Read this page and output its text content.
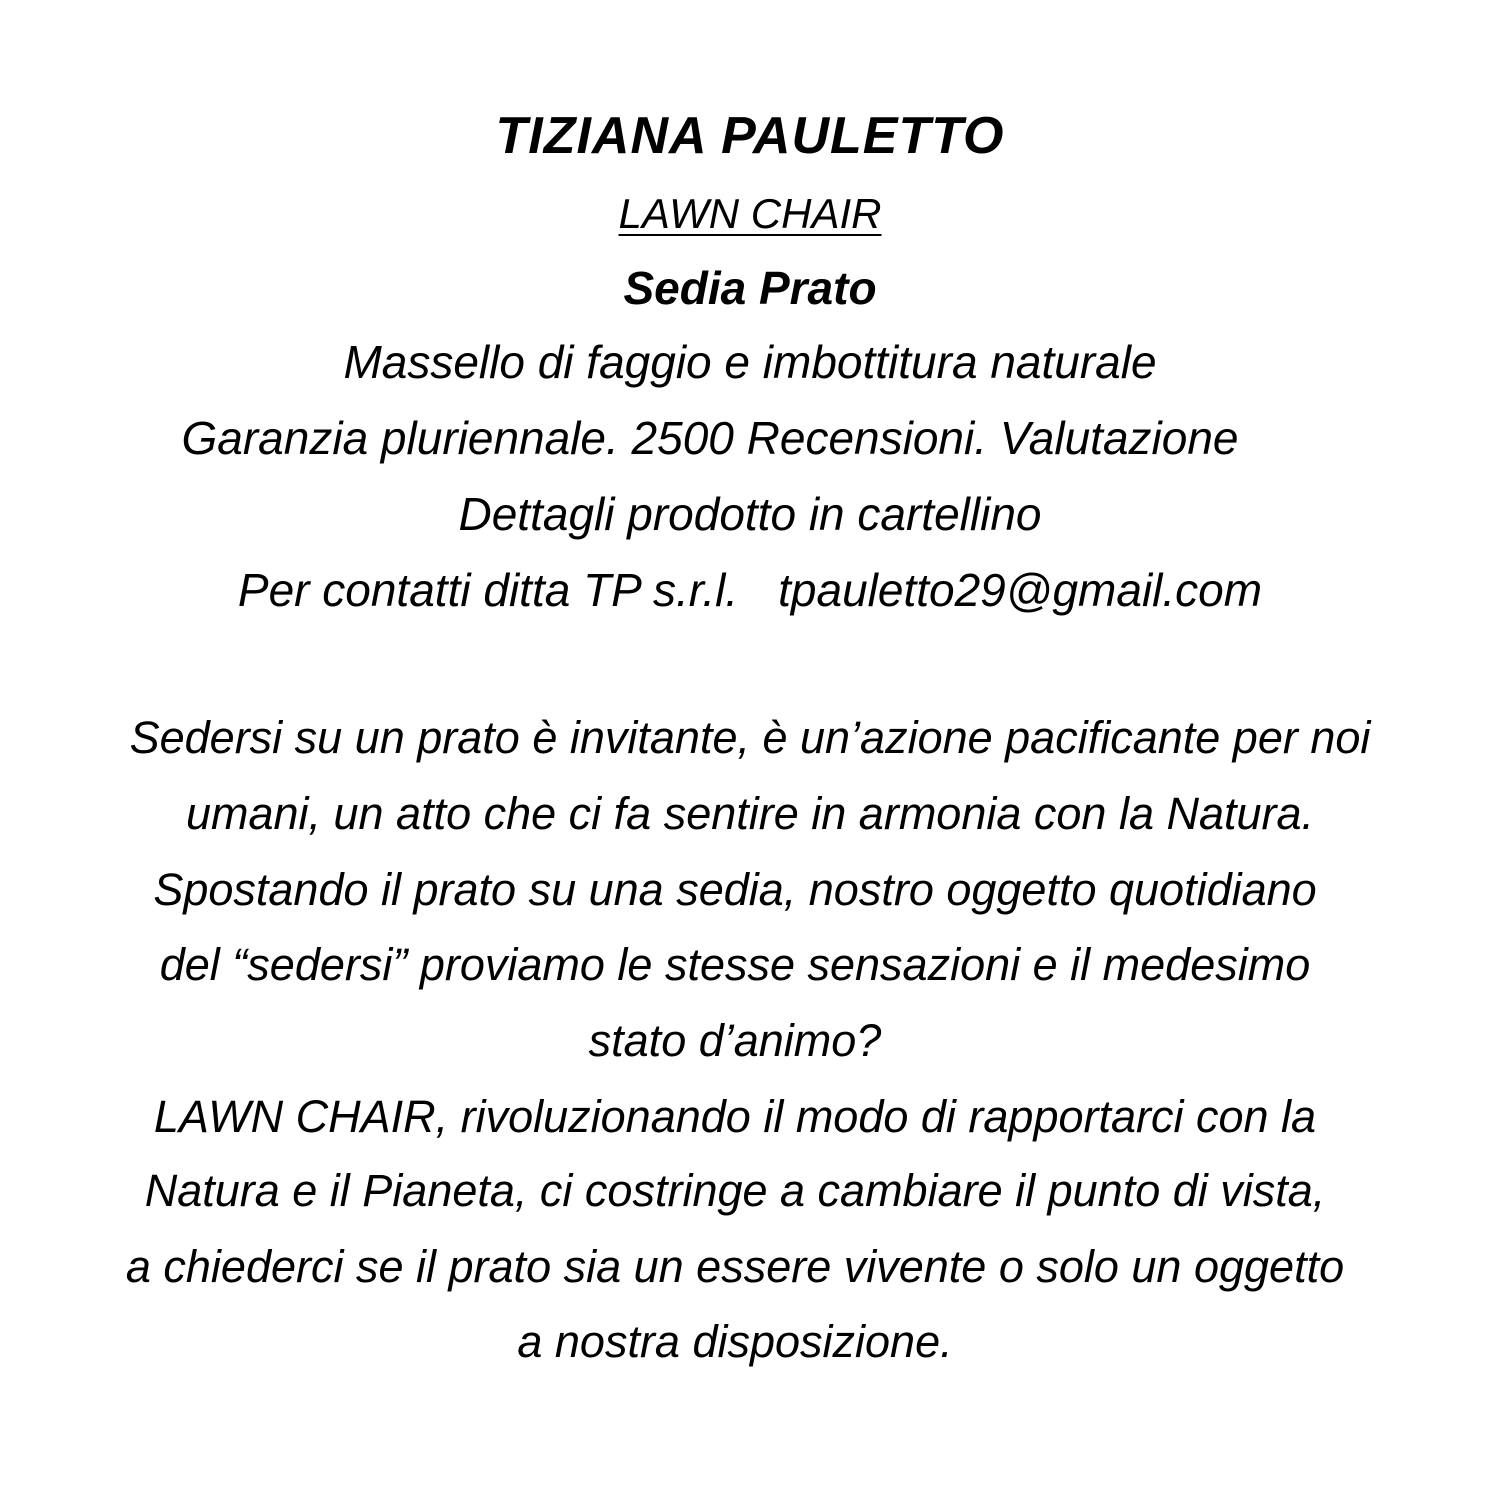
TIZIANA PAULETTO
LAWN CHAIR
Sedia Prato
Massello di faggio e imbottitura naturale
Garanzia pluriennale. 2500 Recensioni. Valutazione
Dettagli prodotto in cartellino
Per contatti ditta TP s.r.l. tpauletto29@gmail.com
Sedersi su un prato è invitante, è un’azione pacificante per noi
umani, un atto che ci fa sentire in armonia con la Natura.
Spostando il prato su una sedia, nostro oggetto quotidiano
del “sedersi” proviamo le stesse sensazioni e il medesimo
stato d’animo?
LAWN CHAIR, rivoluzionando il modo di rapportarci con la
Natura e il Pianeta, ci costringe a cambiare il punto di vista,
a chiederci se il prato sia un essere vivente o solo un oggetto
a nostra disposizione.
